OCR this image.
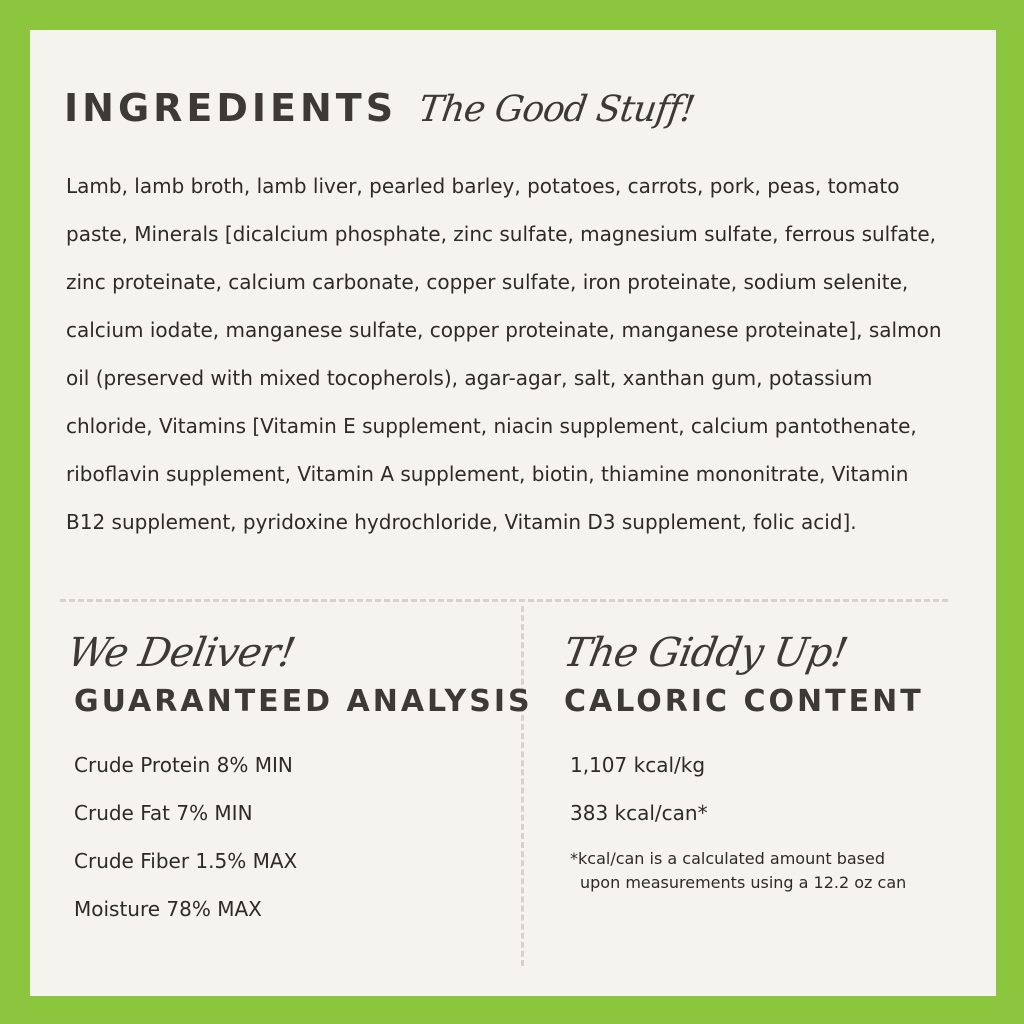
INGREDIENTS The Good Stuff!
Lamb, lamb broth, lamb liver, pearled barley, potatoes, carrots, pork, peas, tomato
paste, Minerals [dicalcium phosphate, zinc sulfate, magnesium sulfate, ferrous sulfate,
zinc proteinate, calcium carbonate, copper sulfate, iron proteinate, sodium selenite,
calcium iodate, manganese sulfate, copper proteinate, manganese proteinate], salmon
oil (preserved with mixed tocopherols), agar-agar, salt, xanthan gum, potassium
chloride, Vitamins [Vitamin E supplement, niacin supplement, calcium pantothenate,
riboflavin supplement, Vitamin A supplement, biotin, thiamine mononitrate, Vitamin
B12 supplement, pyridoxine hydrochloride, Vitamin D3 supplement, folic acid].
We Deliver!
GUARANTEED ANALYSIS
Crude Protein 8% MIN
Crude Fat 7% MIN
Crude Fiber 1.5% MAX
Moisture 78% MAX
The Giddy Up!
CALORIC CONTENT
1,107 kcal/kg
383 kcal/can*
*kcal/can is a calculated amount based
upon measurements using a 12.2 oz can
